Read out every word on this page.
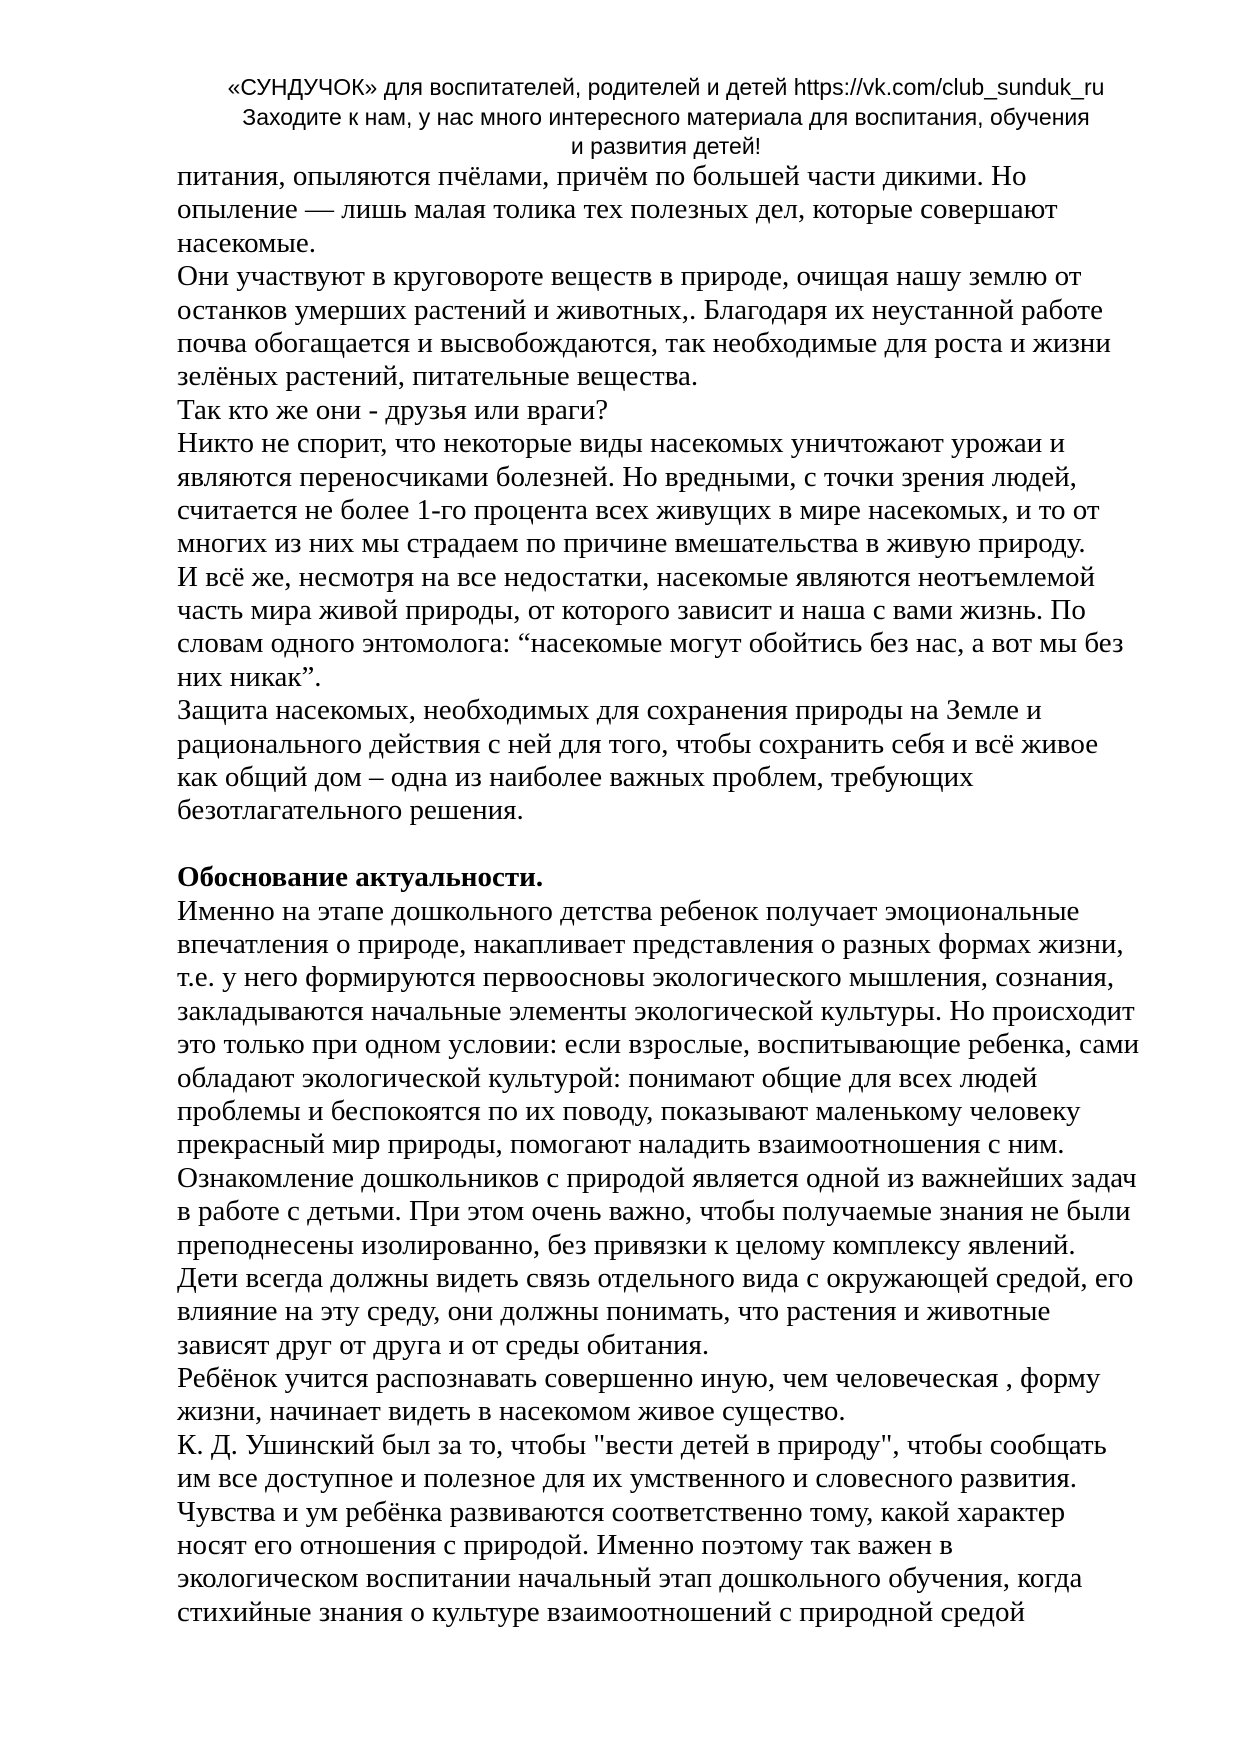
«СУНДУЧОК» для воспитателей, родителей и детей https://vk.com/club_sunduk_ru
Заходите к нам, у нас много интересного материала для воспитания, обучения
и развития детей!
питания, опыляются пчёлами, причём по большей части дикими. Но
опыление — лишь малая толика тех полезных дел, которые совершают
насекомые.
Они участвуют в круговороте веществ в природе, очищая нашу землю от
останков умерших растений и животных,. Благодаря их неустанной работе
почва обогащается и высвобождаются, так необходимые для роста и жизни
зелёных растений, питательные вещества.
Так кто же они - друзья или враги?
Никто не спорит, что некоторые виды насекомых уничтожают урожаи и
являются переносчиками болезней. Но вредными, с точки зрения людей,
считается не более 1-го процента всех живущих в мире насекомых, и то от
многих из них мы страдаем по причине вмешательства в живую природу.
И всё же, несмотря на все недостатки, насекомые являются неотъемлемой
часть мира живой природы, от которого зависит и наша с вами жизнь. По
словам одного энтомолога: “насекомые могут обойтись без нас, а вот мы без
них никак”.
Защита насекомых, необходимых для сохранения природы на Земле и
рационального действия с ней для того, чтобы сохранить себя и всё живое
как общий дом – одна из наиболее важных проблем, требующих
безотлагательного решения.
Обоснование актуальности.
Именно на этапе дошкольного детства ребенок получает эмоциональные
впечатления о природе, накапливает представления о разных формах жизни,
т.е. у него формируются первоосновы экологического мышления, сознания,
закладываются начальные элементы экологической культуры. Но происходит
это только при одном условии: если взрослые, воспитывающие ребенка, сами
обладают экологической культурой: понимают общие для всех людей
проблемы и беспокоятся по их поводу, показывают маленькому человеку
прекрасный мир природы, помогают наладить взаимоотношения с ним.
Ознакомление дошкольников с природой является одной из важнейших задач
в работе с детьми. При этом очень важно, чтобы получаемые знания не были
преподнесены изолированно, без привязки к целому комплексу явлений.
Дети всегда должны видеть связь отдельного вида с окружающей средой, его
влияние на эту среду, они должны понимать, что растения и животные
зависят друг от друга и от среды обитания.
Ребёнок учится распознавать совершенно иную, чем человеческая , форму
жизни, начинает видеть в насекомом живое существо.
К. Д. Ушинский был за то, чтобы "вести детей в природу", чтобы сообщать
им все доступное и полезное для их умственного и словесного развития.
Чувства и ум ребёнка развиваются соответственно тому, какой характер
носят его отношения с природой. Именно поэтому так важен в
экологическом воспитании начальный этап дошкольного обучения, когда
стихийные знания о культуре взаимоотношений с природной средой
